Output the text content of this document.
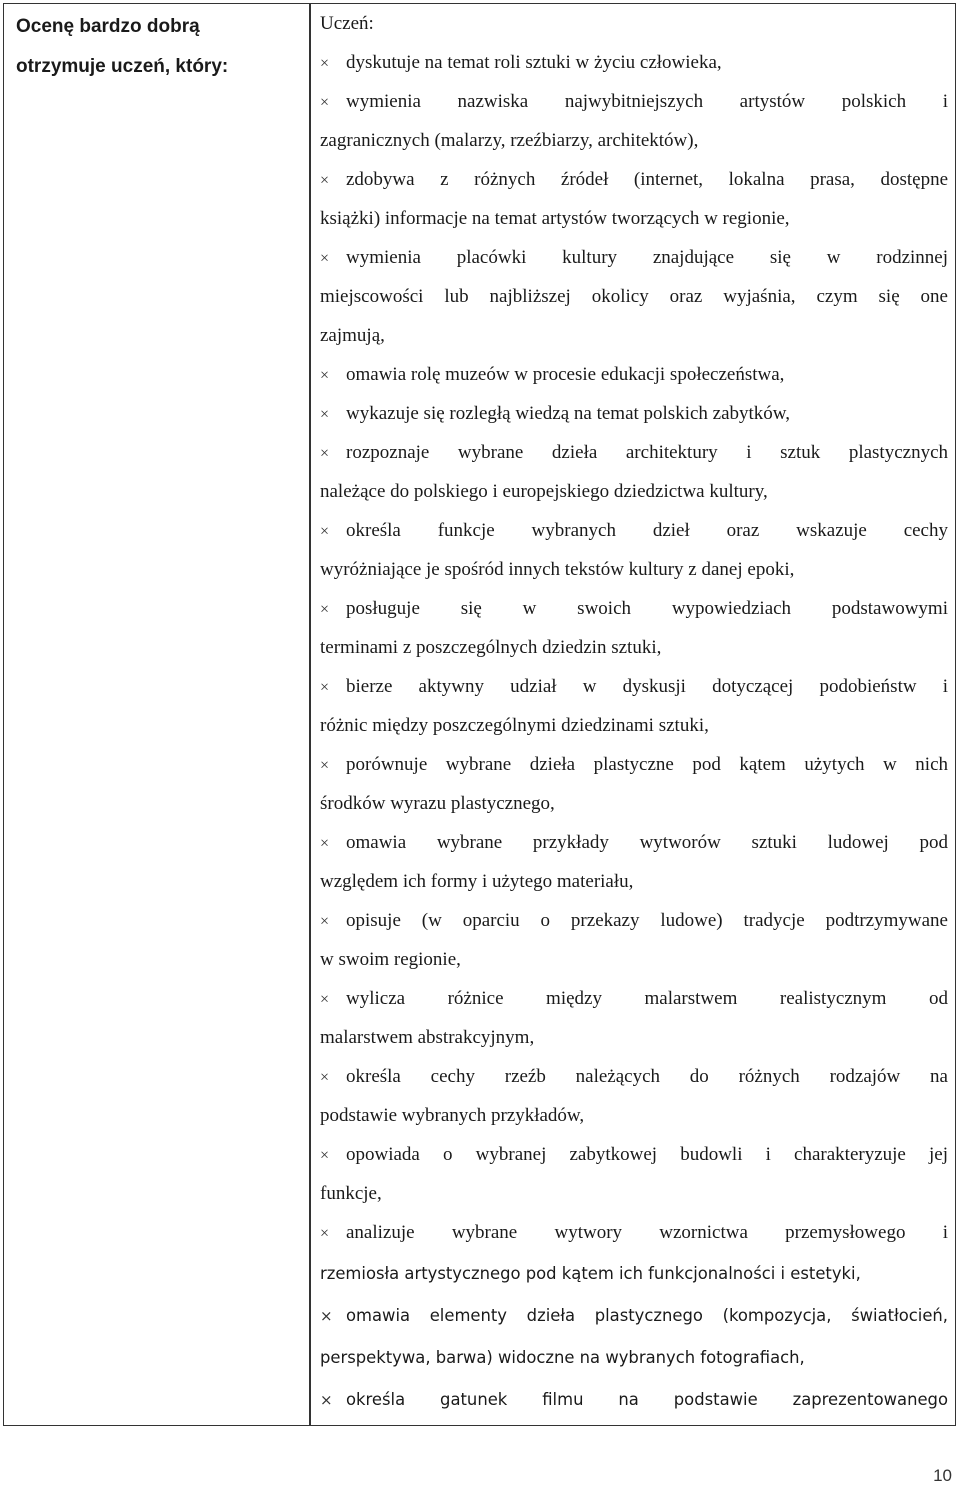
Ocenę bardzo dobrą
otrzymuje uczeń, który:
Uczeń:
× dyskutuje na temat roli sztuki w życiu człowieka,
× wymienia nazwiska najwybitniejszych artystów polskich i
zagranicznych (malarzy, rzeźbiarzy, architektów),
× zdobywa z różnych źródeł (internet, lokalna prasa, dostępne
książki) informacje na temat artystów tworzących w regionie,
× wymienia placówki kultury znajdujące się w rodzinnej
miejscowości lub najbliższej okolicy oraz wyjaśnia, czym się one
zajmują,
× omawia rolę muzeów w procesie edukacji społeczeństwa,
× wykazuje się rozległą wiedzą na temat polskich zabytków,
× rozpoznaje wybrane dzieła architektury i sztuk plastycznych
należące do polskiego i europejskiego dziedzictwa kultury,
× określa funkcje wybranych dzieł oraz wskazuje cechy
wyróżniające je spośród innych tekstów kultury z danej epoki,
× posługuje się w swoich wypowiedziach podstawowymi
terminami z poszczególnych dziedzin sztuki,
× bierze aktywny udział w dyskusji dotyczącej podobieństw i
różnic między poszczególnymi dziedzinami sztuki,
× porównuje wybrane dzieła plastyczne pod kątem użytych w nich
środków wyrazu plastycznego,
× omawia wybrane przykłady wytworów sztuki ludowej pod
względem ich formy i użytego materiału,
× opisuje (w oparciu o przekazy ludowe) tradycje podtrzymywane
w swoim regionie,
× wylicza różnice między malarstwem realistycznym od
malarstwem abstrakcyjnym,
× określa cechy rzeźb należących do różnych rodzajów na
podstawie wybranych przykładów,
× opowiada o wybranej zabytkowej budowli i charakteryzuje jej
funkcje,
× analizuje wybrane wytwory wzornictwa przemysłowego i
rzemiosła artystycznego pod kątem ich funkcjonalności i estetyki,
× omawia elementy dzieła plastycznego (kompozycja, światłocień,
perspektywa, barwa) widoczne na wybranych fotografiach,
× określa gatunek filmu na podstawie zaprezentowanego
10
